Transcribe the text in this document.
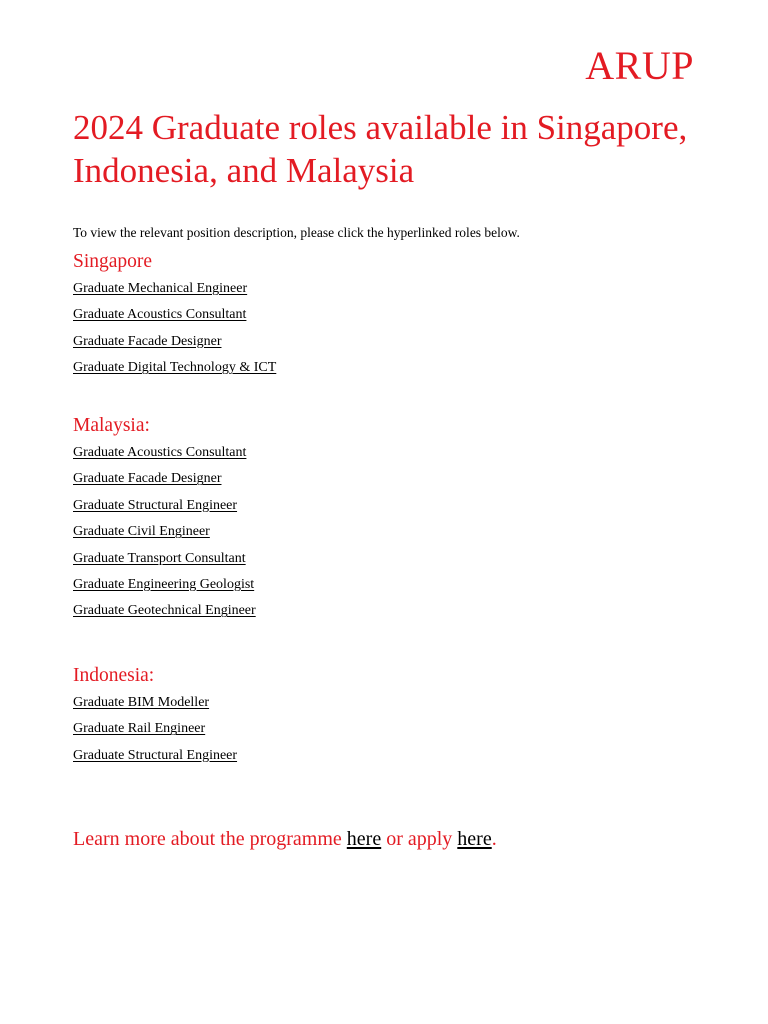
ARUP
2024 Graduate roles available in Singapore, Indonesia, and Malaysia
To view the relevant position description, please click the hyperlinked roles below.
Singapore
Graduate Mechanical Engineer
Graduate Acoustics Consultant
Graduate Facade Designer
Graduate Digital Technology & ICT
Malaysia:
Graduate Acoustics Consultant
Graduate Facade Designer
Graduate Structural Engineer
Graduate Civil Engineer
Graduate Transport Consultant
Graduate Engineering Geologist
Graduate Geotechnical Engineer
Indonesia:
Graduate BIM Modeller
Graduate Rail Engineer
Graduate Structural Engineer
Learn more about the programme here or apply here.
